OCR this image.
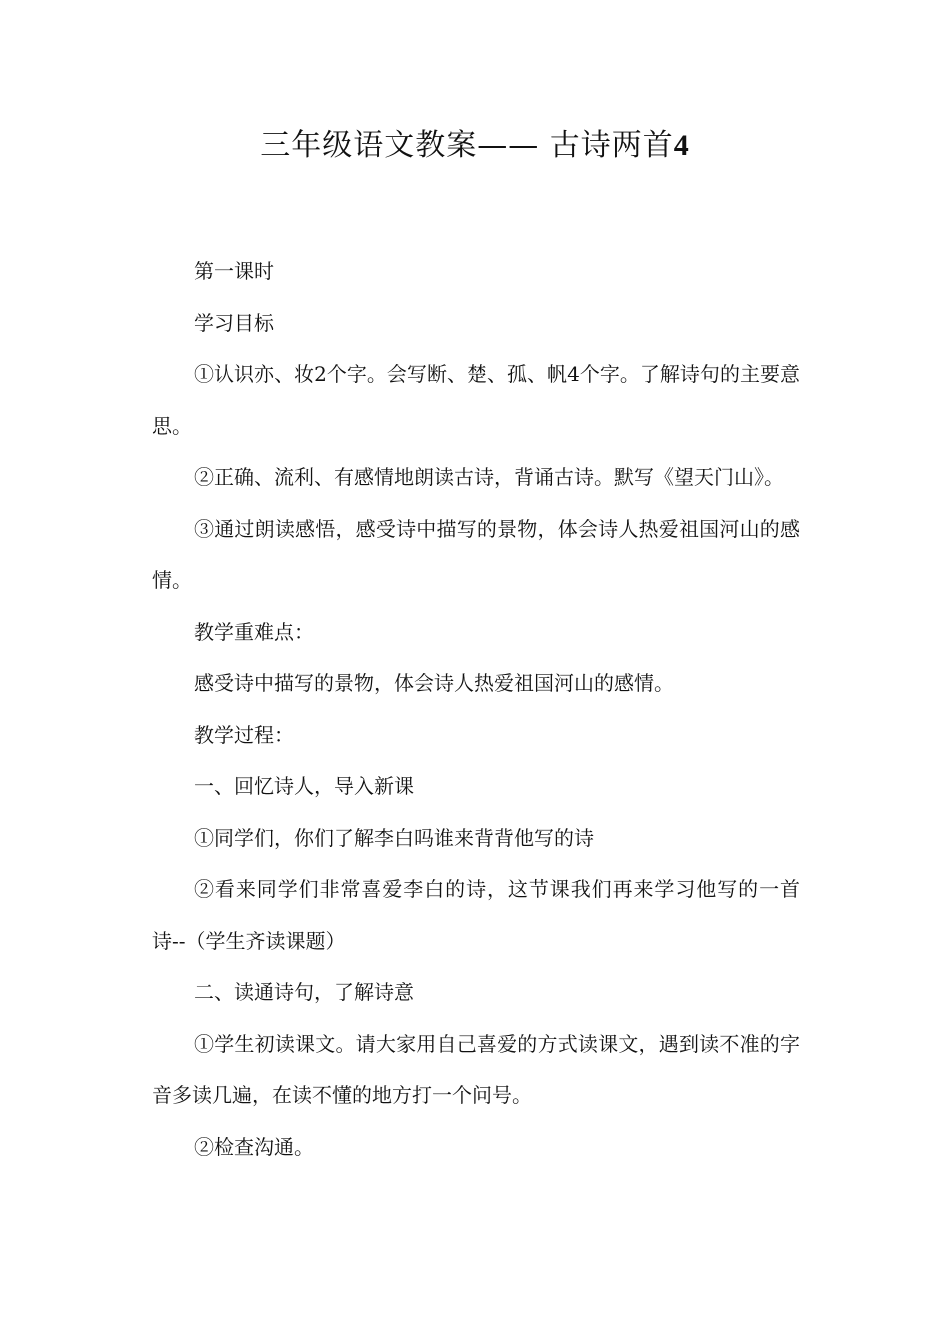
三年级语文教案—— 古诗两首4

第一课时

学习目标

①认识亦、妆2个字。会写断、楚、孤、帆4个字。了解诗句的主要意思。

②正确、流利、有感情地朗读古诗，背诵古诗。默写《望天门山》。

③通过朗读感悟，感受诗中描写的景物，体会诗人热爱祖国河山的感情。

教学重难点：

感受诗中描写的景物，体会诗人热爱祖国河山的感情。

教学过程：

一、回忆诗人，导入新课

①同学们，你们了解李白吗谁来背背他写的诗

②看来同学们非常喜爱李白的诗，这节课我们再来学习他写的一首诗--（学生齐读课题）

二、读通诗句，了解诗意

①学生初读课文。请大家用自己喜爱的方式读课文，遇到读不准的字音多读几遍，在读不懂的地方打一个问号。

②检查沟通。
